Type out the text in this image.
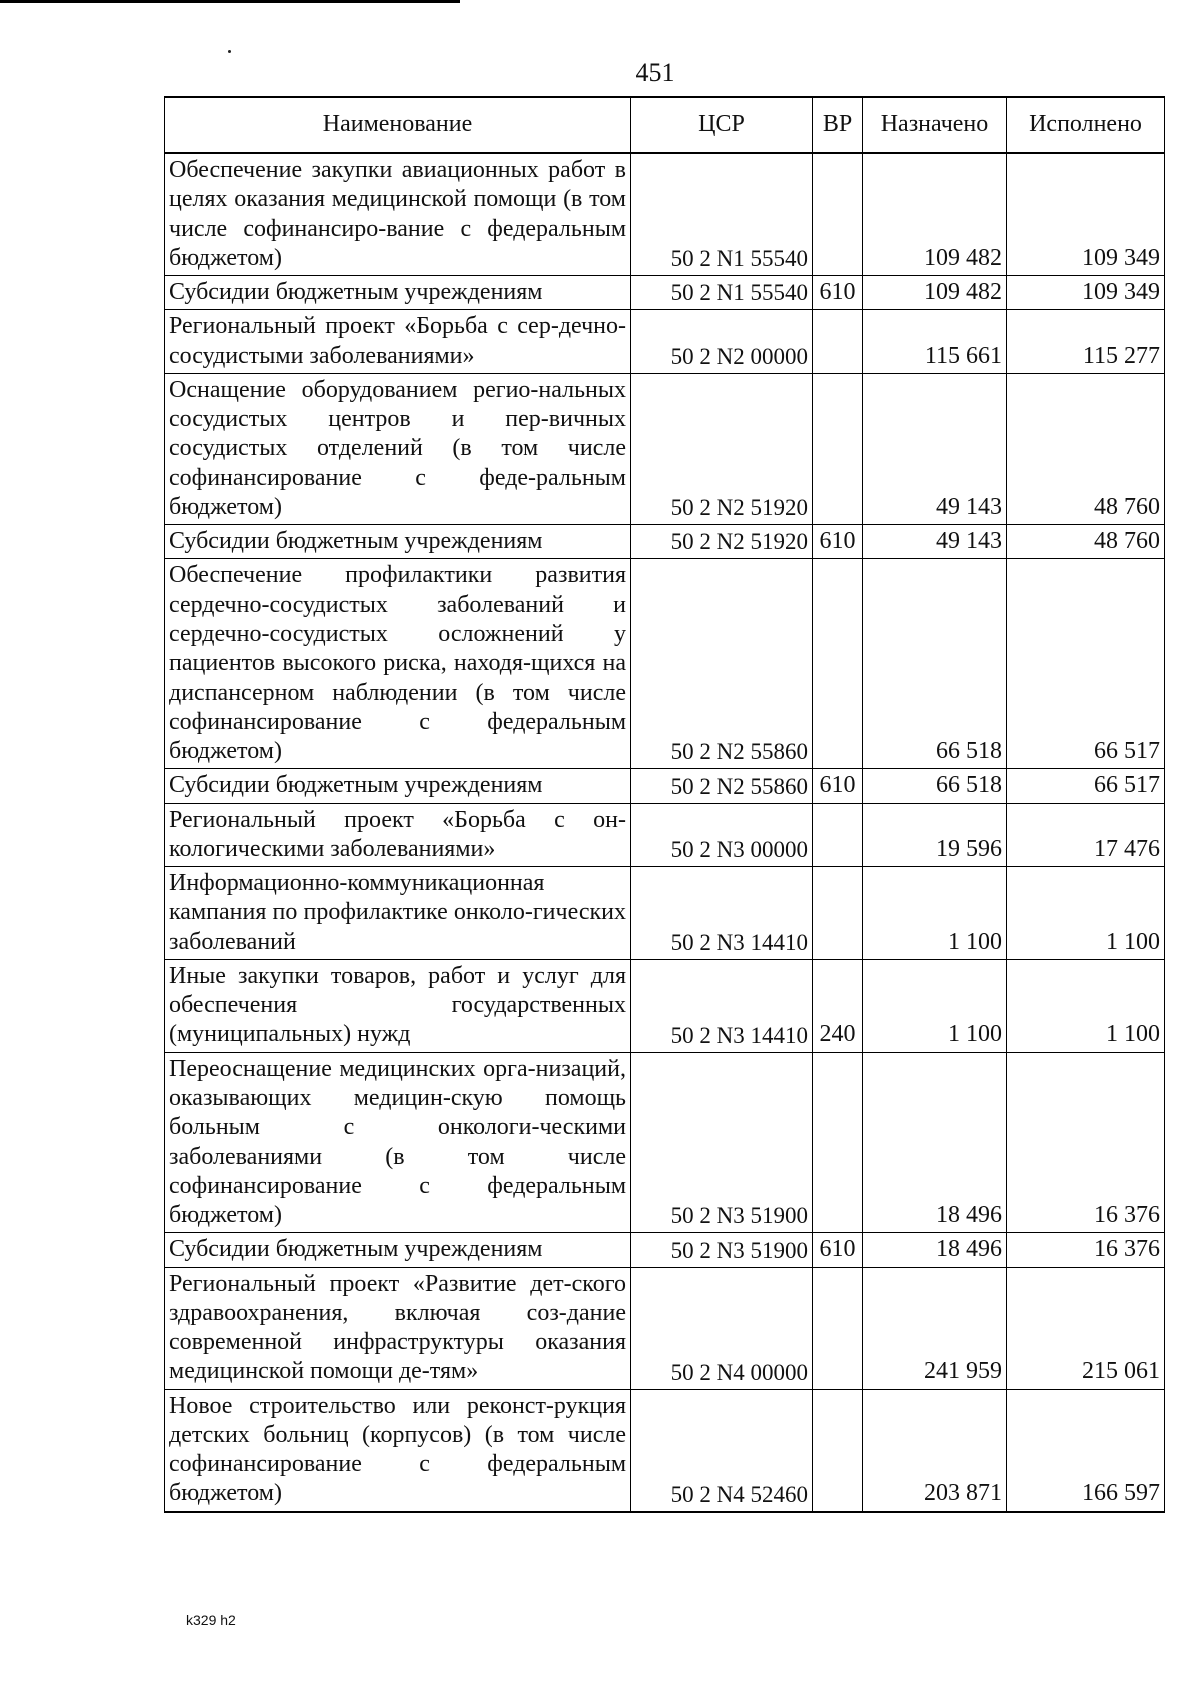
451
Наименование	ЦСР	ВР	Назначено	Исполнено
Обеспечение закупки авиационных работ в целях оказания медицинской помощи (в том числе софинансиро-вание с федеральным бюджетом)	50 2 N1 55540		109 482	109 349
Субсидии бюджетным учреждениям	50 2 N1 55540	610	109 482	109 349
Региональный проект «Борьба с сер-дечно-сосудистыми заболеваниями»	50 2 N2 00000		115 661	115 277
Оснащение оборудованием регио-нальных сосудистых центров и пер-вичных сосудистых отделений (в том числе софинансирование с феде-ральным бюджетом)	50 2 N2 51920		49 143	48 760
Субсидии бюджетным учреждениям	50 2 N2 51920	610	49 143	48 760
Обеспечение профилактики развития сердечно-сосудистых заболеваний и сердечно-сосудистых осложнений у пациентов высокого риска, находя-щихся на диспансерном наблюдении (в том числе софинансирование с федеральным бюджетом)	50 2 N2 55860		66 518	66 517
Субсидии бюджетным учреждениям	50 2 N2 55860	610	66 518	66 517
Региональный проект «Борьба с он-кологическими заболеваниями»	50 2 N3 00000		19 596	17 476
Информационно-коммуникационная кампания по профилактике онколо-гических заболеваний	50 2 N3 14410		1 100	1 100
Иные закупки товаров, работ и услуг для обеспечения государственных (муниципальных) нужд	50 2 N3 14410	240	1 100	1 100
Переоснащение медицинских орга-низаций, оказывающих медицин-скую помощь больным с онкологи-ческими заболеваниями (в том числе софинансирование с федеральным бюджетом)	50 2 N3 51900		18 496	16 376
Субсидии бюджетным учреждениям	50 2 N3 51900	610	18 496	16 376
Региональный проект «Развитие дет-ского здравоохранения, включая соз-дание современной инфраструктуры оказания медицинской помощи де-тям»	50 2 N4 00000		241 959	215 061
Новое строительство или реконст-рукция детских больниц (корпусов) (в том числе софинансирование с федеральным бюджетом)	50 2 N4 52460		203 871	166 597
k329 h2
